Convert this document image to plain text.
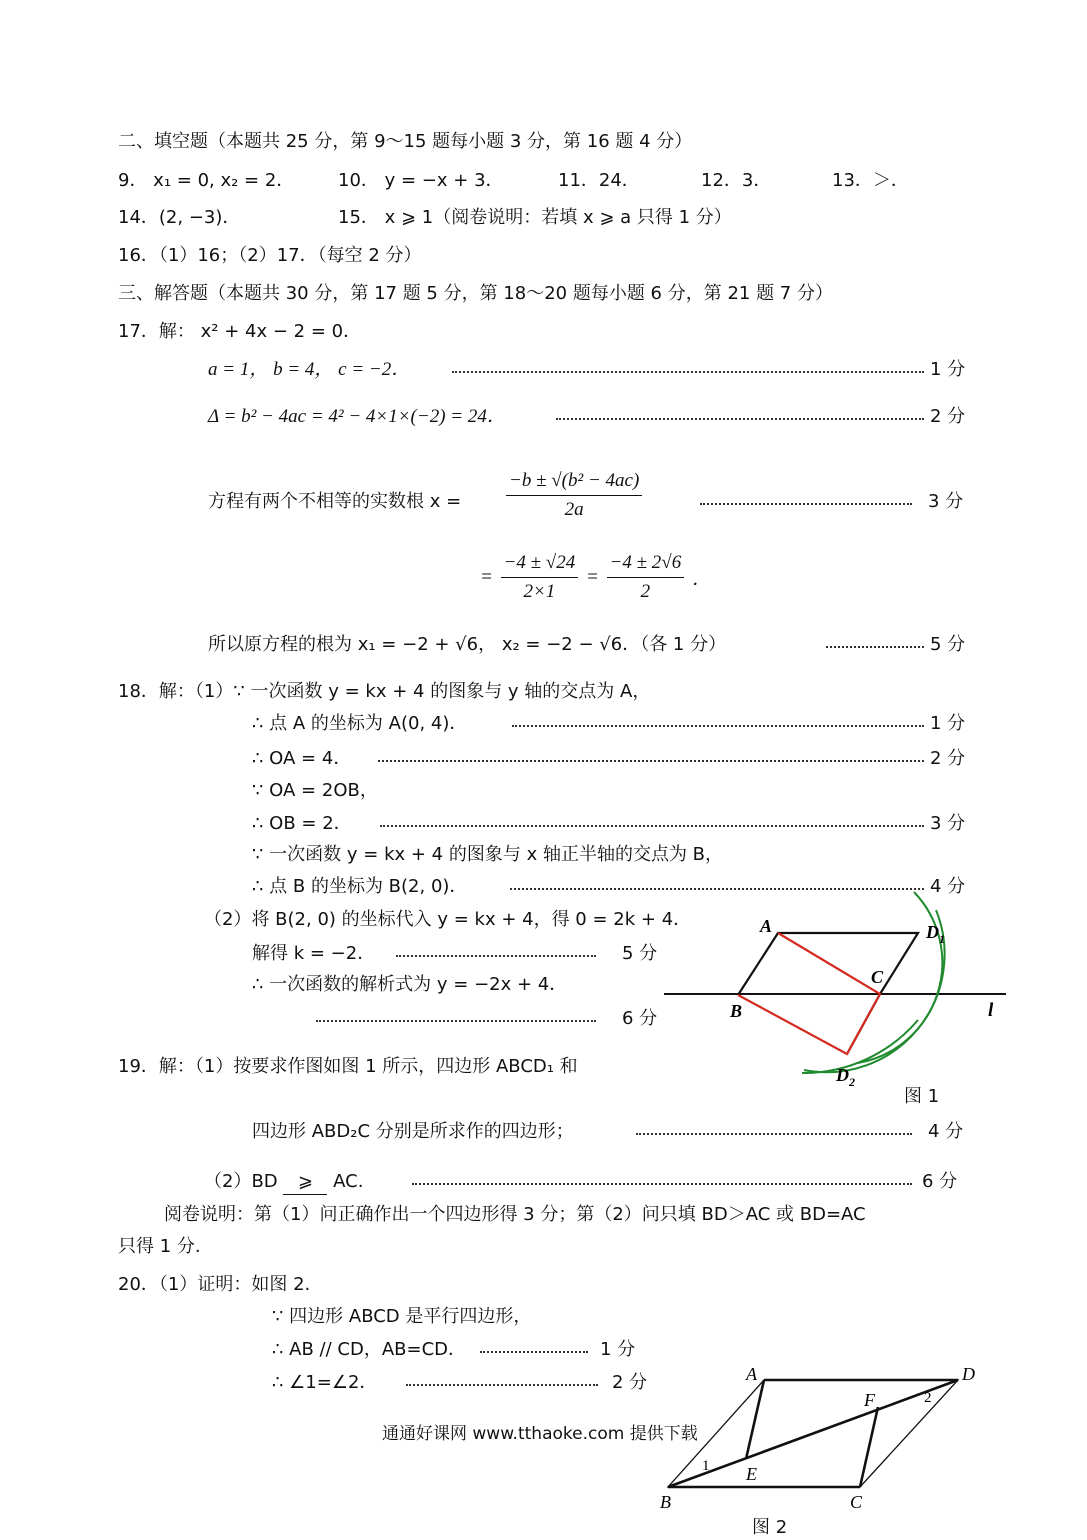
二、填空题（本题共 25 分，第 9～15 题每小题 3 分，第 16 题 4 分）
9． x₁ = 0, x₂ = 2． 10． y = −x + 3．	11．24．	12．3．	13．＞．
14．(2, −3)．	15． x ⩾ 1（阅卷说明：若填 x ⩾ a 只得 1 分）
16．（1）16；（2）17．（每空 2 分）
三、解答题（本题共 30 分，第 17 题 5 分，第 18～20 题每小题 6 分，第 21 题 7 分）
17．解： x² + 4x − 2 = 0．
a = 1， b = 4， c = −2．	1 分
Δ = b² − 4ac = 4² − 4×1×(−2) = 24．	2 分
方程有两个不相等的实数根 $x = \frac{\text{−b ± √(b² − 4ac)}}{2a}$	3 分
= $\frac{-4 \pm √24}{2\times 1} = \frac{-4 \pm 2√6}{2}$ ．
所以原方程的根为 x₁ = −2 + √6， x₂ = −2 − √6．（各 1 分）	5 分
18．解：（1）∵ 一次函数 y = kx + 4 的图象与 y 轴的交点为 A，
∴ 点 A 的坐标为 A(0, 4)．	1 分
∴ OA = 4．	2 分
∵ OA = 2OB，
∴ OB = 2．	3 分
∵ 一次函数 y = kx + 4 的图象与 x 轴正半轴的交点为 B，
∴ 点 B 的坐标为 B(2, 0)．	4 分
（2）将 B(2, 0) 的坐标代入 y = kx + 4，得 0 = 2k + 4．
解得 k = −2．	5 分
∴ 一次函数的解析式为 y = −2x + 4．
6 分
A
B
C
$D_1$
$D_2$
l
图 1
19．解：（1）按要求作图如图 1 所示，四边形 ABCD₁ 和
四边形 ABD₂C 分别是所求作的四边形；	4 分
（2）BD ⩾ AC.	6 分
阅卷说明：第（1）问正确作出一个四边形得 3 分；第（2）问只填 BD＞AC 或 BD=AC
只得 1 分.
20．（1）证明：如图 2.
∵ 四边形 ABCD 是平行四边形，
∴ AB // CD，AB=CD．	1 分
∴ ∠1=∠2．	2 分	A	D
B	C
E
F
1
2
图 2
通通好课网 www.tthaoke.com 提供下载
